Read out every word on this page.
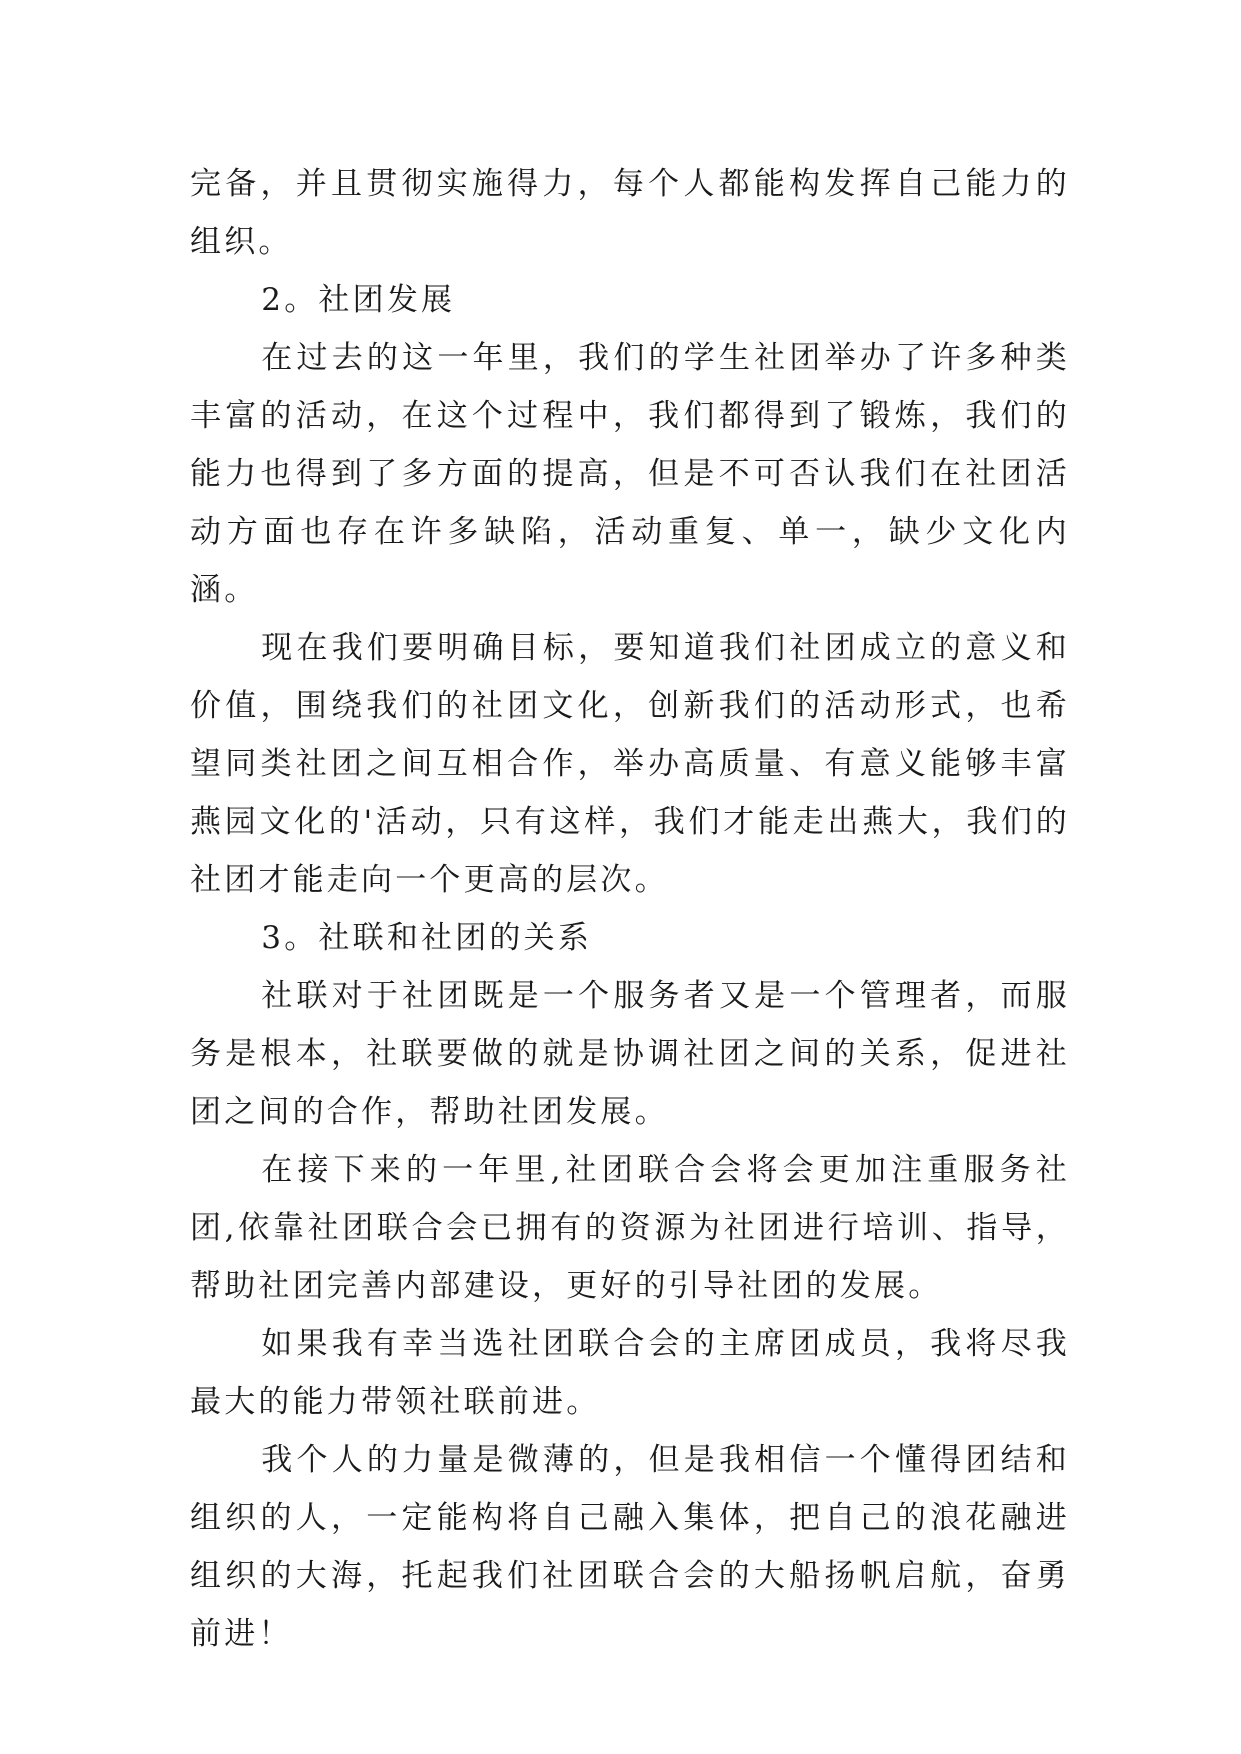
完备，并且贯彻实施得力，每个人都能构发挥自己能力的组织。

2。社团发展

在过去的这一年里，我们的学生社团举办了许多种类丰富的活动，在这个过程中，我们都得到了锻炼，我们的能力也得到了多方面的提高，但是不可否认我们在社团活动方面也存在许多缺陷，活动重复、单一，缺少文化内涵。

现在我们要明确目标，要知道我们社团成立的意义和价值，围绕我们的社团文化，创新我们的活动形式，也希望同类社团之间互相合作，举办高质量、有意义能够丰富燕园文化的'活动，只有这样，我们才能走出燕大，我们的社团才能走向一个更高的层次。

3。社联和社团的关系

社联对于社团既是一个服务者又是一个管理者，而服务是根本，社联要做的就是协调社团之间的关系，促进社团之间的合作，帮助社团发展。

在接下来的一年里,社团联合会将会更加注重服务社团,依靠社团联合会已拥有的资源为社团进行培训、指导，帮助社团完善内部建设，更好的引导社团的发展。

如果我有幸当选社团联合会的主席团成员，我将尽我最大的能力带领社联前进。

我个人的力量是微薄的，但是我相信一个懂得团结和组织的人，一定能构将自己融入集体，把自己的浪花融进组织的大海，托起我们社团联合会的大船扬帆启航，奋勇前进！
